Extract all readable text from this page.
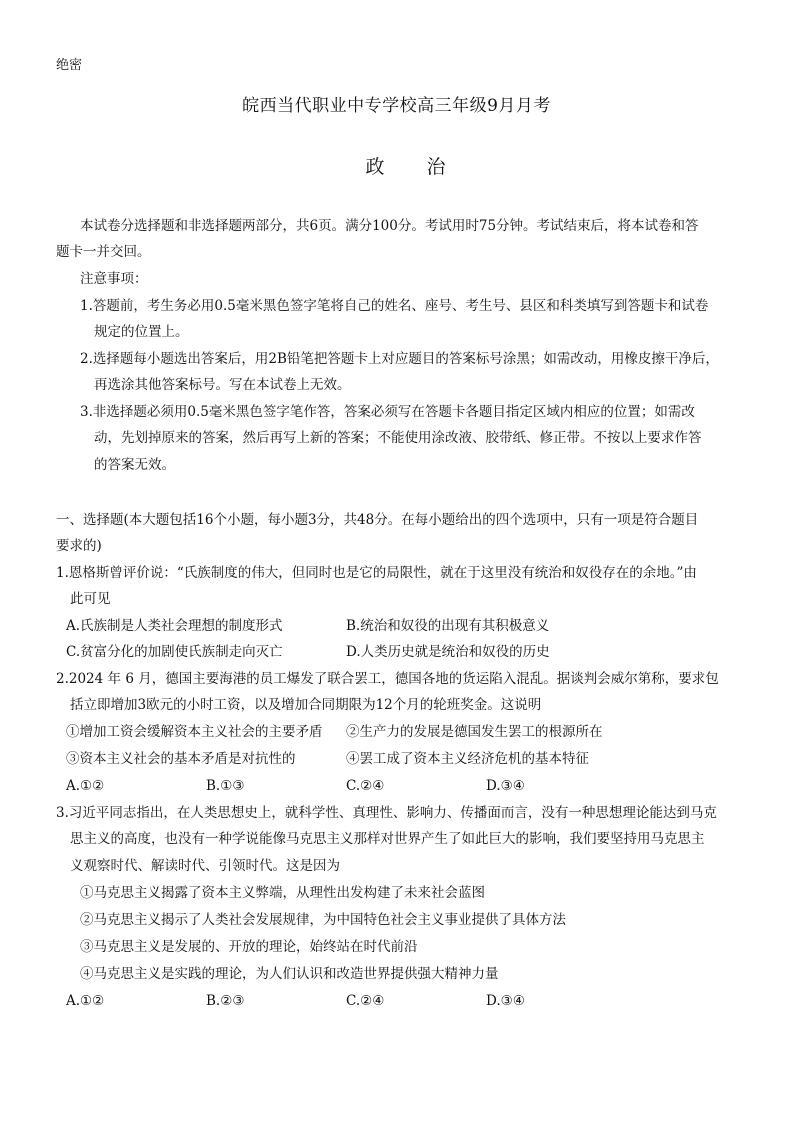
绝密
皖西当代职业中专学校高三年级9月月考
政 治
本试卷分选择题和非选择题两部分，共6页。满分100分。考试用时75分钟。考试结束后，将本试卷和答
题卡一并交回。
注意事项：
1.答题前，考生务必用0.5毫米黑色签字笔将自己的姓名、座号、考生号、县区和科类填写到答题卡和试卷
规定的位置上。
2.选择题每小题选出答案后，用2B铅笔把答题卡上对应题目的答案标号涂黑；如需改动，用橡皮擦干净后，
再选涂其他答案标号。写在本试卷上无效。
3.非选择题必须用0.5毫米黑色签字笔作答，答案必须写在答题卡各题目指定区域内相应的位置；如需改
动，先划掉原来的答案，然后再写上新的答案；不能使用涂改液、胶带纸、修正带。不按以上要求作答
的答案无效。
一、选择题(本大题包括16个小题，每小题3分，共48分。在每小题给出的四个选项中，只有一项是符合题目
要求的)
1.恩格斯曾评价说：“氏族制度的伟大，但同时也是它的局限性，就在于这里没有统治和奴役存在的余地。”由
此可见
A.氏族制是人类社会理想的制度形式	B.统治和奴役的出现有其积极意义
C.贫富分化的加剧使氏族制走向灭亡	D.人类历史就是统治和奴役的历史
2.2024 年 6 月，德国主要海港的员工爆发了联合罢工，德国各地的货运陷入混乱。据谈判会威尔第称，要求包
括立即增加3欧元的小时工资，以及增加合同期限为12个月的轮班奖金。这说明
①增加工资会缓解资本主义社会的主要矛盾 ②生产力的发展是德国发生罢工的根源所在
③资本主义社会的基本矛盾是对抗性的	④罢工成了资本主义经济危机的基本特征
A.①②	B.①③	C.②④	D.③④
3.习近平同志指出，在人类思想史上，就科学性、真理性、影响力、传播面而言，没有一种思想理论能达到马克
思主义的高度，也没有一种学说能像马克思主义那样对世界产生了如此巨大的影响，我们要坚持用马克思主
义观察时代、解读时代、引领时代。这是因为
①马克思主义揭露了资本主义弊端，从理性出发构建了未来社会蓝图
②马克思主义揭示了人类社会发展规律，为中国特色社会主义事业提供了具体方法
③马克思主义是发展的、开放的理论，始终站在时代前沿
④马克思主义是实践的理论，为人们认识和改造世界提供强大精神力量
A.①②	B.②③	C.②④	D.③④
